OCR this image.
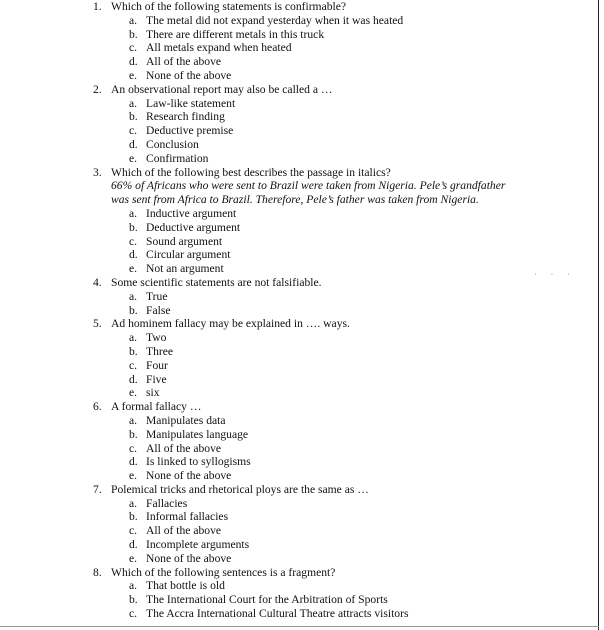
1. Which of the following statements is confirmable?
a. The metal did not expand yesterday when it was heated
b. There are different metals in this truck
c. All metals expand when heated
d. All of the above
e. None of the above
2. An observational report may also be called a …
a. Law-like statement
b. Research finding
c. Deductive premise
d. Conclusion
e. Confirmation
3. Which of the following best describes the passage in italics?
66% of Africans who were sent to Brazil were taken from Nigeria. Pele’s grandfather
was sent from Africa to Brazil. Therefore, Pele’s father was taken from Nigeria.
a. Inductive argument
b. Deductive argument
c. Sound argument
d. Circular argument
e. Not an argument
4. Some scientific statements are not falsifiable.
a. True
b. False
5. Ad hominem fallacy may be explained in …. ways.
a. Two
b. Three
c. Four
d. Five
e. six
6. A formal fallacy …
a. Manipulates data
b. Manipulates language
c. All of the above
d. Is linked to syllogisms
e. None of the above
7. Polemical tricks and rhetorical ploys are the same as …
a. Fallacies
b. Informal fallacies
c. All of the above
d. Incomplete arguments
e. None of the above
8. Which of the following sentences is a fragment?
a. That bottle is old
b. The International Court for the Arbitration of Sports
c. The Accra International Cultural Theatre attracts visitors
· · ·
